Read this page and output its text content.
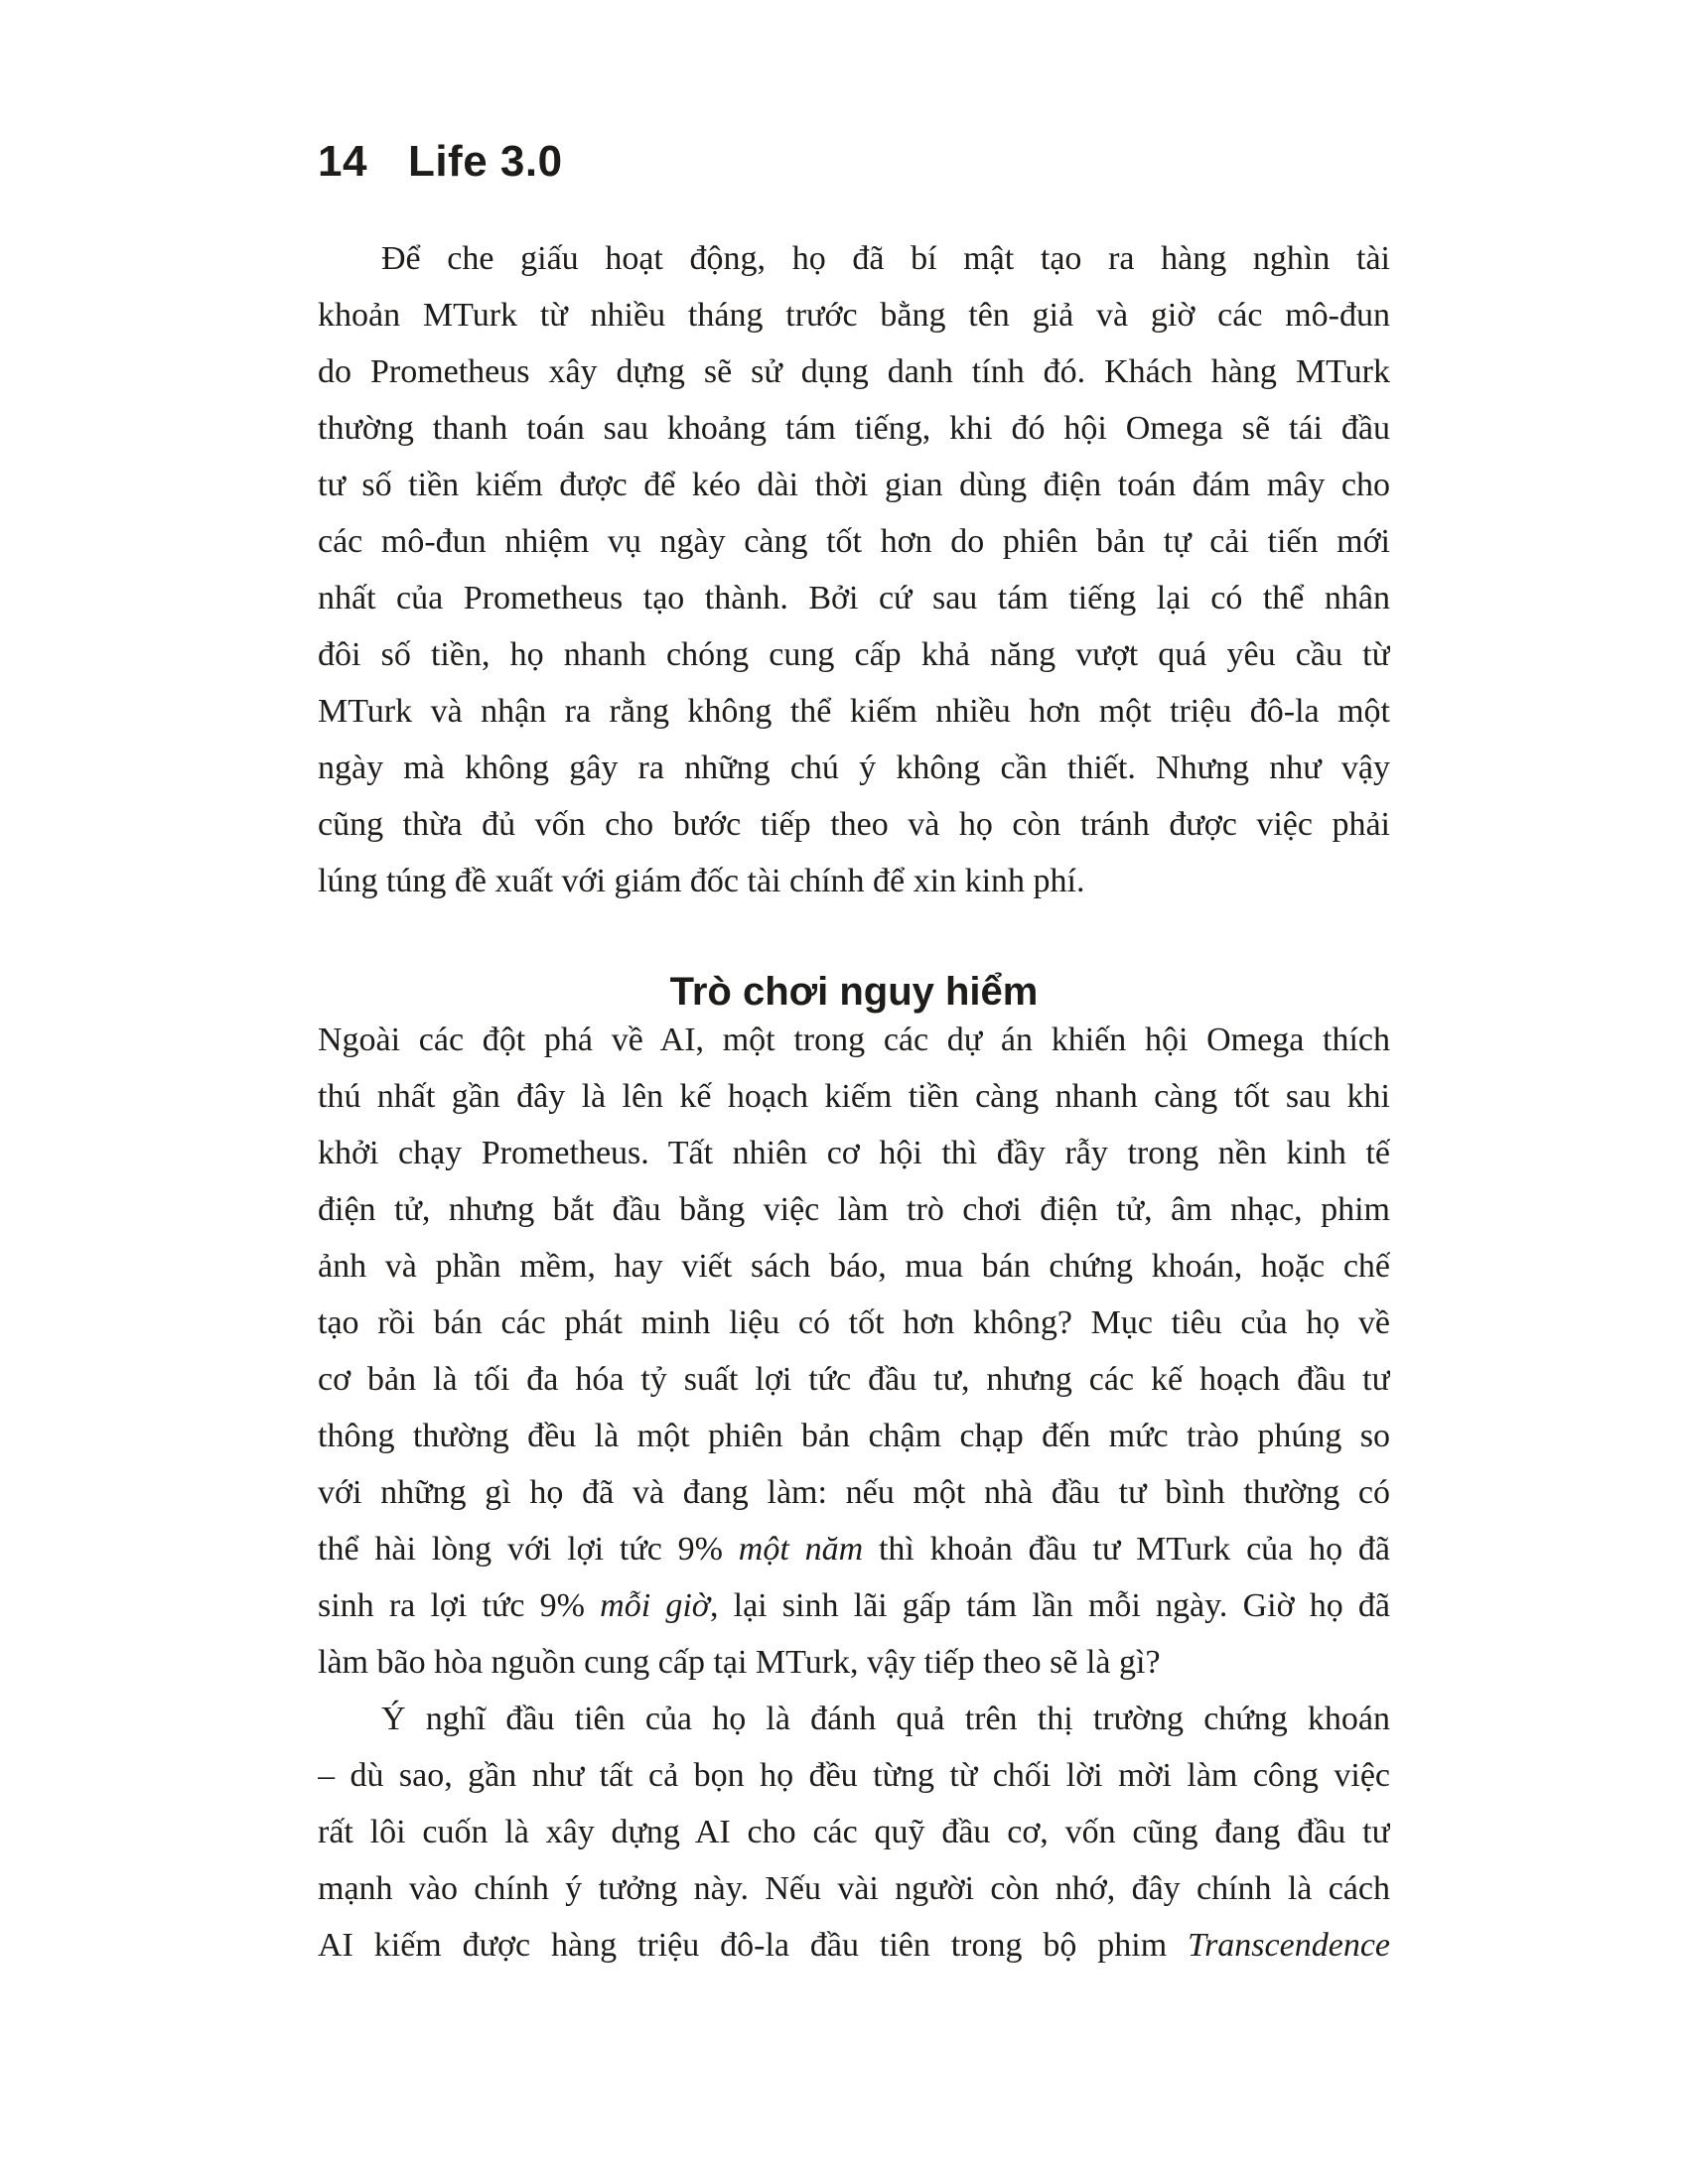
14 Life 3.0
Để che giấu hoạt động, họ đã bí mật tạo ra hàng nghìn tài
khoản MTurk từ nhiều tháng trước bằng tên giả và giờ các mô-đun
do Prometheus xây dựng sẽ sử dụng danh tính đó. Khách hàng MTurk
thường thanh toán sau khoảng tám tiếng, khi đó hội Omega sẽ tái đầu
tư số tiền kiếm được để kéo dài thời gian dùng điện toán đám mây cho
các mô-đun nhiệm vụ ngày càng tốt hơn do phiên bản tự cải tiến mới
nhất của Prometheus tạo thành. Bởi cứ sau tám tiếng lại có thể nhân
đôi số tiền, họ nhanh chóng cung cấp khả năng vượt quá yêu cầu từ
MTurk và nhận ra rằng không thể kiếm nhiều hơn một triệu đô-la một
ngày mà không gây ra những chú ý không cần thiết. Nhưng như vậy
cũng thừa đủ vốn cho bước tiếp theo và họ còn tránh được việc phải
lúng túng đề xuất với giám đốc tài chính để xin kinh phí.
Trò chơi nguy hiểm
Ngoài các đột phá về AI, một trong các dự án khiến hội Omega thích
thú nhất gần đây là lên kế hoạch kiếm tiền càng nhanh càng tốt sau khi
khởi chạy Prometheus. Tất nhiên cơ hội thì đầy rẫy trong nền kinh tế
điện tử, nhưng bắt đầu bằng việc làm trò chơi điện tử, âm nhạc, phim
ảnh và phần mềm, hay viết sách báo, mua bán chứng khoán, hoặc chế
tạo rồi bán các phát minh liệu có tốt hơn không? Mục tiêu của họ về
cơ bản là tối đa hóa tỷ suất lợi tức đầu tư, nhưng các kế hoạch đầu tư
thông thường đều là một phiên bản chậm chạp đến mức trào phúng so
với những gì họ đã và đang làm: nếu một nhà đầu tư bình thường có
thể hài lòng với lợi tức 9% một năm thì khoản đầu tư MTurk của họ đã
sinh ra lợi tức 9% mỗi giờ, lại sinh lãi gấp tám lần mỗi ngày. Giờ họ đã
làm bão hòa nguồn cung cấp tại MTurk, vậy tiếp theo sẽ là gì?
Ý nghĩ đầu tiên của họ là đánh quả trên thị trường chứng khoán
– dù sao, gần như tất cả bọn họ đều từng từ chối lời mời làm công việc
rất lôi cuốn là xây dựng AI cho các quỹ đầu cơ, vốn cũng đang đầu tư
mạnh vào chính ý tưởng này. Nếu vài người còn nhớ, đây chính là cách
AI kiếm được hàng triệu đô-la đầu tiên trong bộ phim Transcendence
